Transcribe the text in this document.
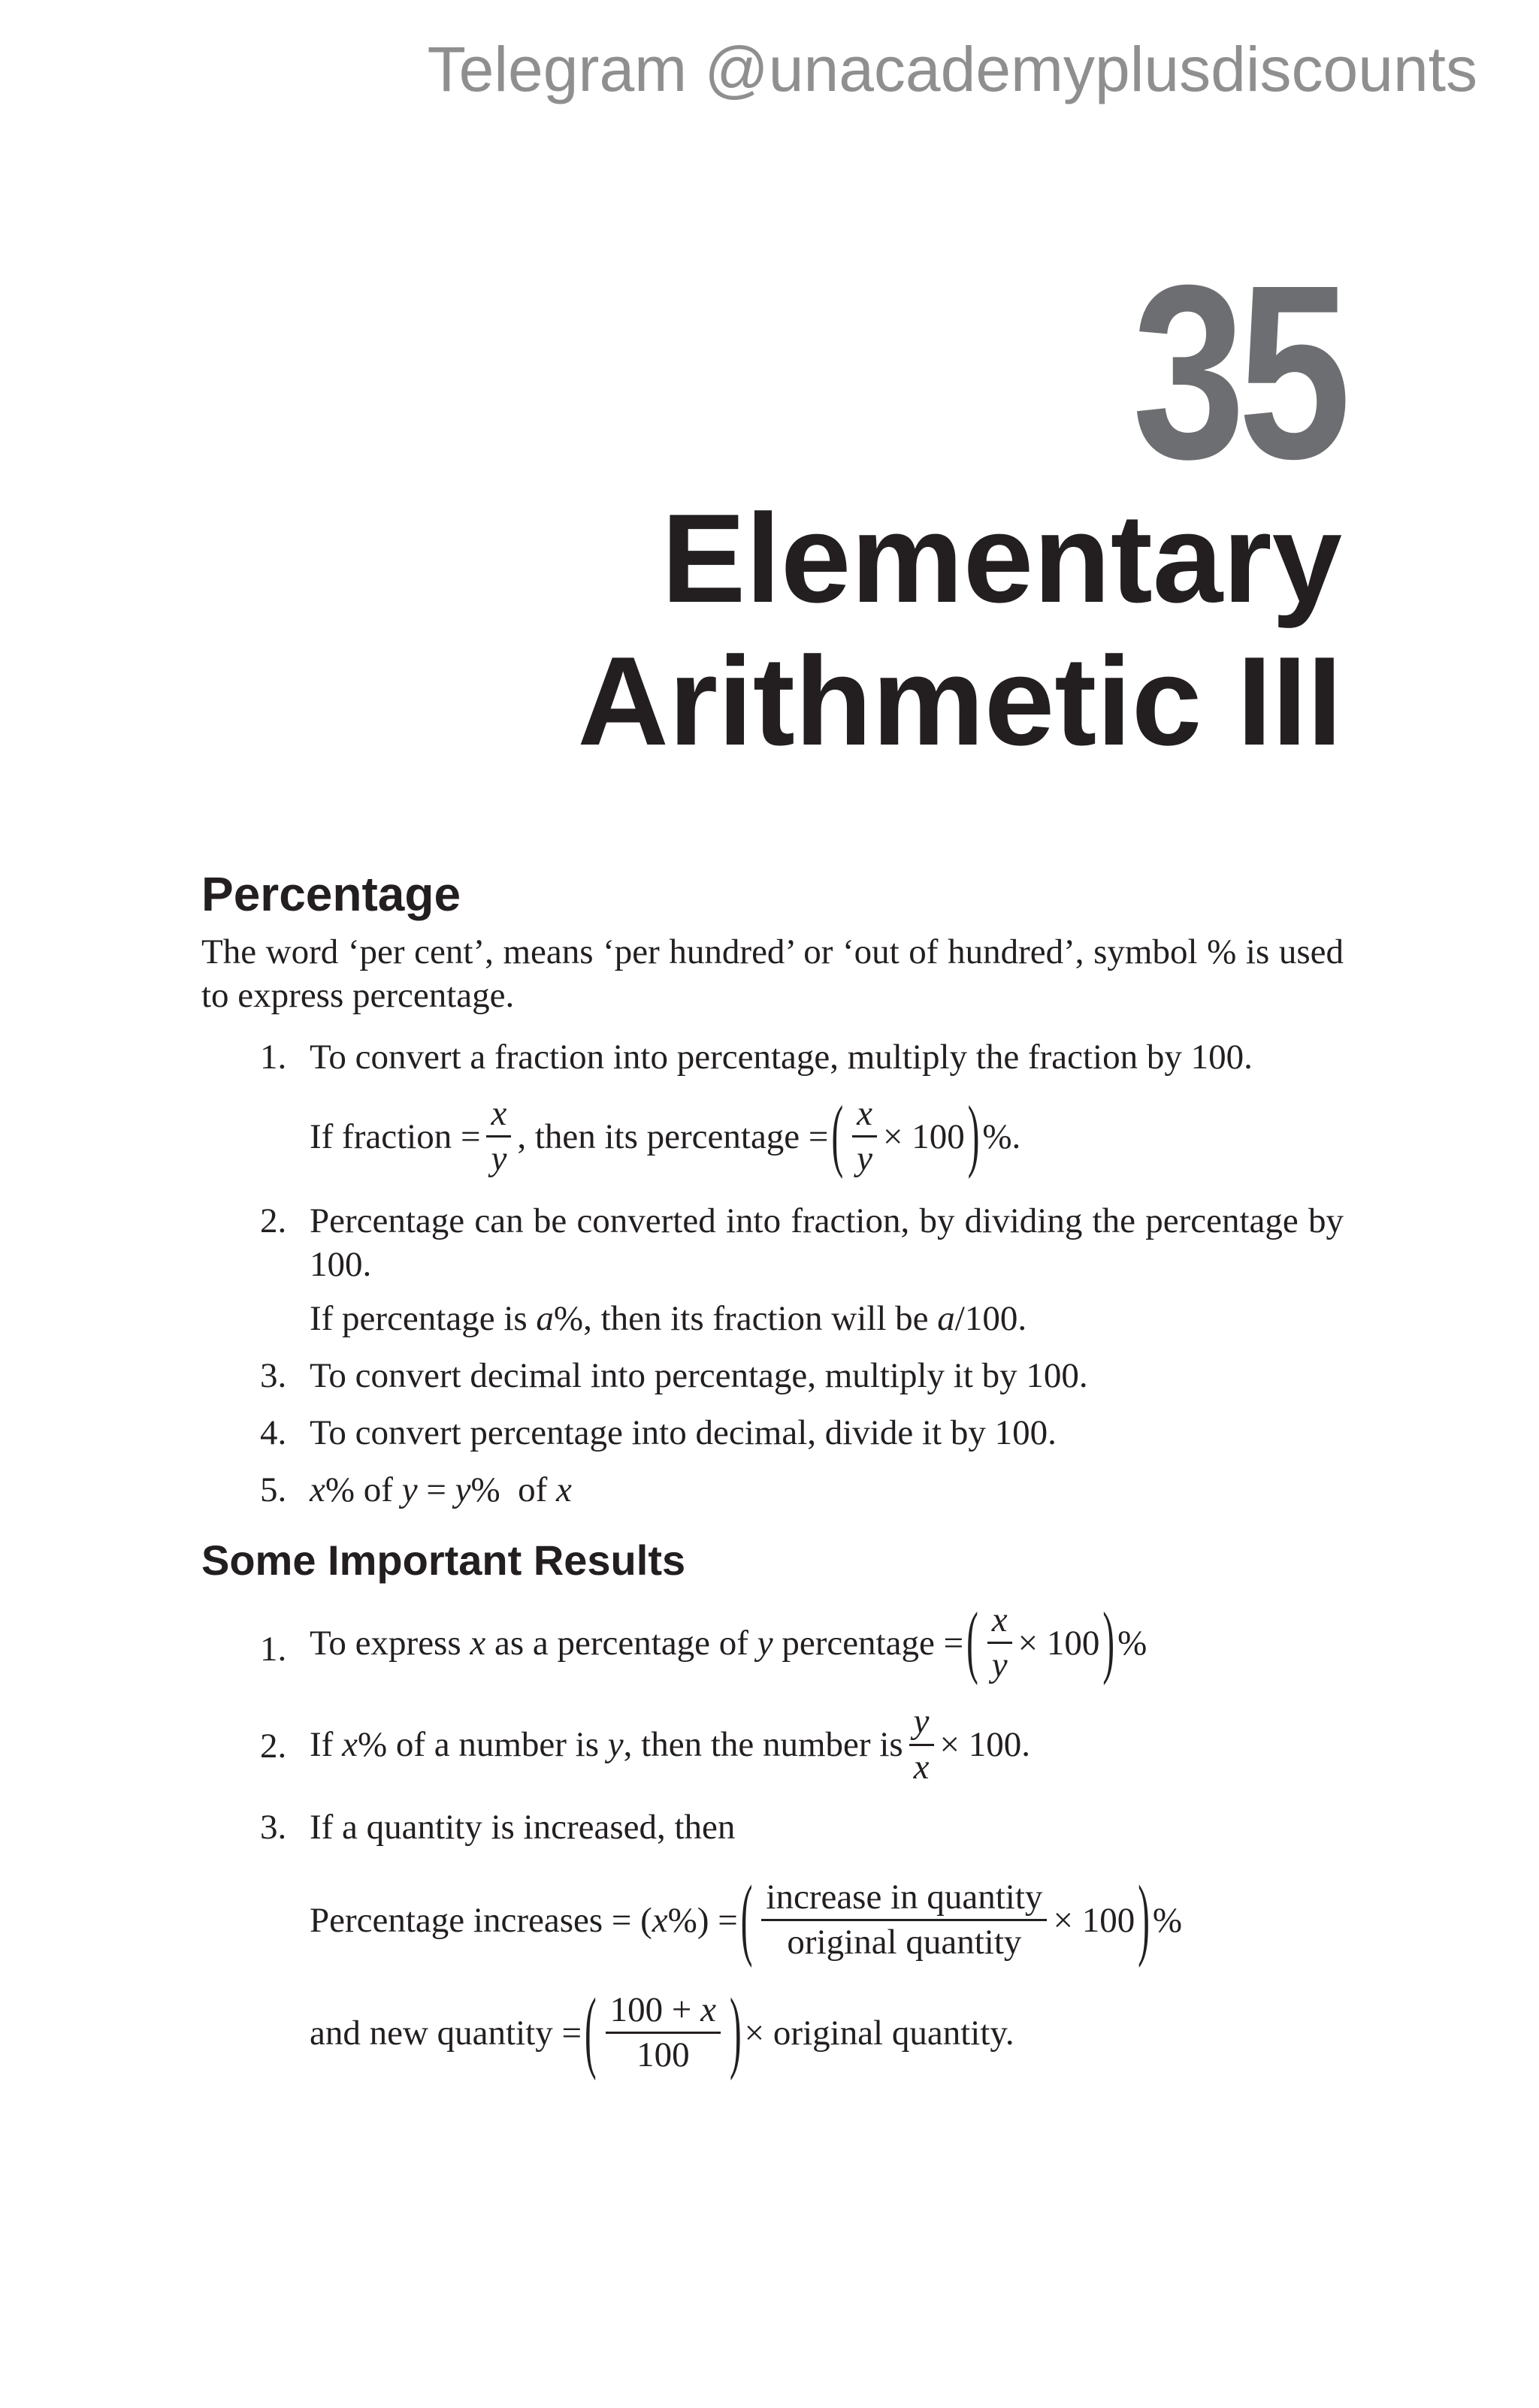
Telegram @unacademyplusdiscounts
35
Elementary
Arithmetic III
Percentage

The word ‘per cent’, means ‘per hundred’ or ‘out of hundred’, symbol % is used to express percentage.

1. To convert a fraction into percentage, multiply the fraction by 100.
If fraction = $\frac{x}{y}$ , then its percentage = ( $\frac{x}{y} \times 100$ ) %.
2. Percentage can be converted into fraction, by dividing the percentage by 100.
If percentage is a%, then its fraction will be a/100.
3. To convert decimal into percentage, multiply it by 100.
4. To convert percentage into decimal, divide it by 100.
5. x% of y = y%  of x
Some Important Results
1. To express x as a percentage of y percentage = ( $\frac{x}{y} \times 100$ ) %
2. If x % of a number is y , then the number is $\frac{y}{x} \times 100$.
3. If a quantity is increased, then
Percentage increases = ( x %) = ( $\frac{\text{increase in quantity}}{\text{original quantity}} \times 100$ ) %
and new quantity = ( $\frac{100 + x}{100}$ ) × original quantity.
